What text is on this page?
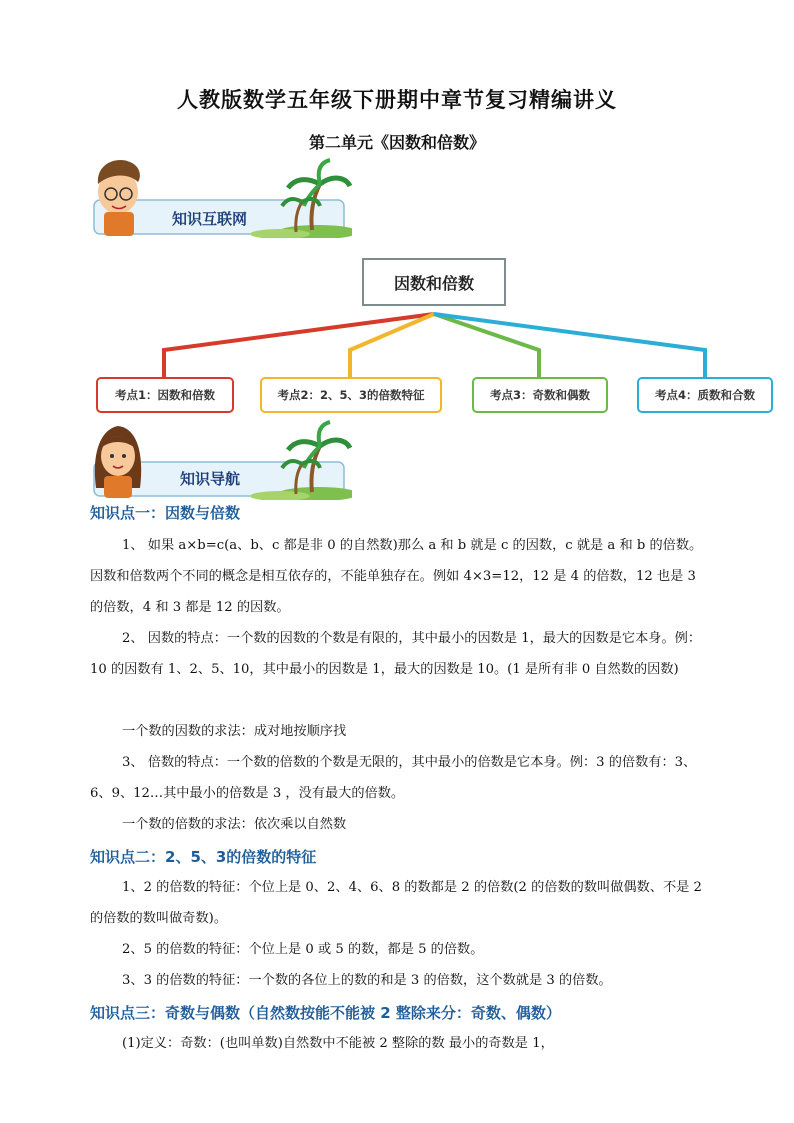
人教版数学五年级下册期中章节复习精编讲义
第二单元《因数和倍数》
知识互联网
因数和倍数
考点1：因数和倍数	考点2：2、5、3的倍数特征	考点3：奇数和偶数	考点4：质数和合数
知识导航
知识点一：因数与倍数

1、 如果 a×b=c(a、b、c 都是非 0 的自然数)那么 a 和 b 就是 c 的因数，c 就是 a 和 b 的倍数。因数和倍数两个不同的概念是相互依存的，不能单独存在。例如 4×3=12，12 是 4 的倍数，12 也是 3 的倍数，4 和 3 都是 12 的因数。

2、 因数的特点：一个数的因数的个数是有限的，其中最小的因数是 1，最大的因数是它本身。例：10 的因数有 1、2、5、10，其中最小的因数是 1，最大的因数是 10。(1 是所有非 0 自然数的因数)

一个数的因数的求法：成对地按顺序找

3、 倍数的特点：一个数的倍数的个数是无限的，其中最小的倍数是它本身。例：3 的倍数有：3、6、9、12…其中最小的倍数是 3 ，没有最大的倍数。

一个数的倍数的求法：依次乘以自然数

知识点二：2、5、3的倍数的特征

1、2 的倍数的特征：个位上是 0、2、4、6、8 的数都是 2 的倍数(2 的倍数的数叫做偶数、不是 2 的倍数的数叫做奇数)。

2、5 的倍数的特征：个位上是 0 或 5 的数，都是 5 的倍数。

3、3 的倍数的特征：一个数的各位上的数的和是 3 的倍数，这个数就是 3 的倍数。

知识点三：奇数与偶数（自然数按能不能被 2 整除来分：奇数、偶数）

(1)定义：奇数：(也叫单数)自然数中不能被 2 整除的数 最小的奇数是 1，
